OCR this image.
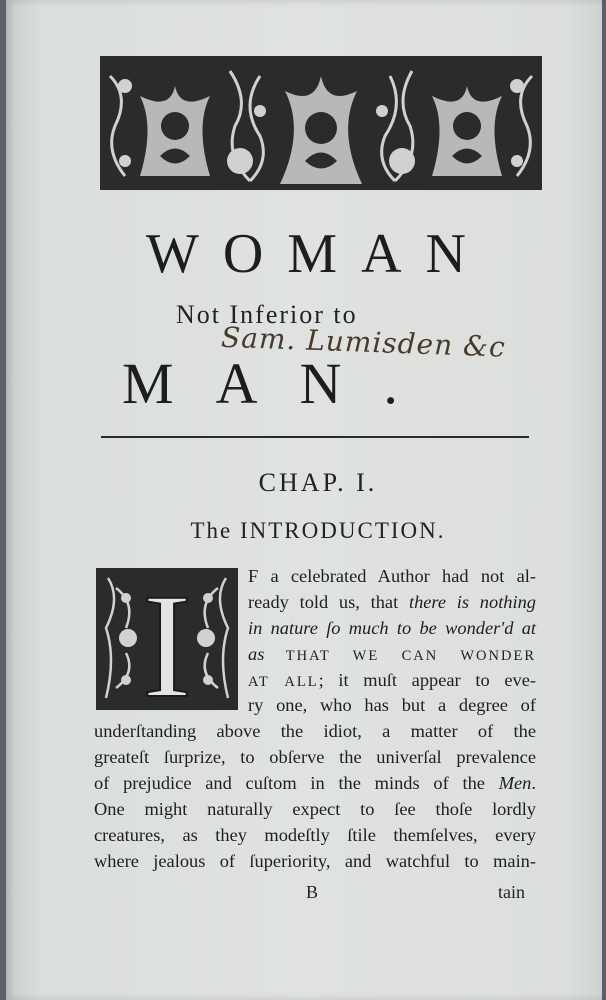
WOMAN
Not Inferior to
Sam. Lumisden &c
MAN.
CHAP. I.
The INTRODUCTION.
I	F a celebrated Author had not al-
ready told us, that there is nothing
in nature ſo much to be wonder'd at
as THAT WE CAN WONDER
AT ALL; it muſt appear to eve-
ry one, who has but a degree of
underſtanding above the idiot, a matter of the
greateſt ſurprize, to obſerve the univerſal prevalence
of prejudice and cuſtom in the minds of the Men.
One might naturally expect to ſee thoſe lordly
creatures, as they modeſtly ſtile themſelves, every
where jealous of ſuperiority, and watchful to main-
B	tain
